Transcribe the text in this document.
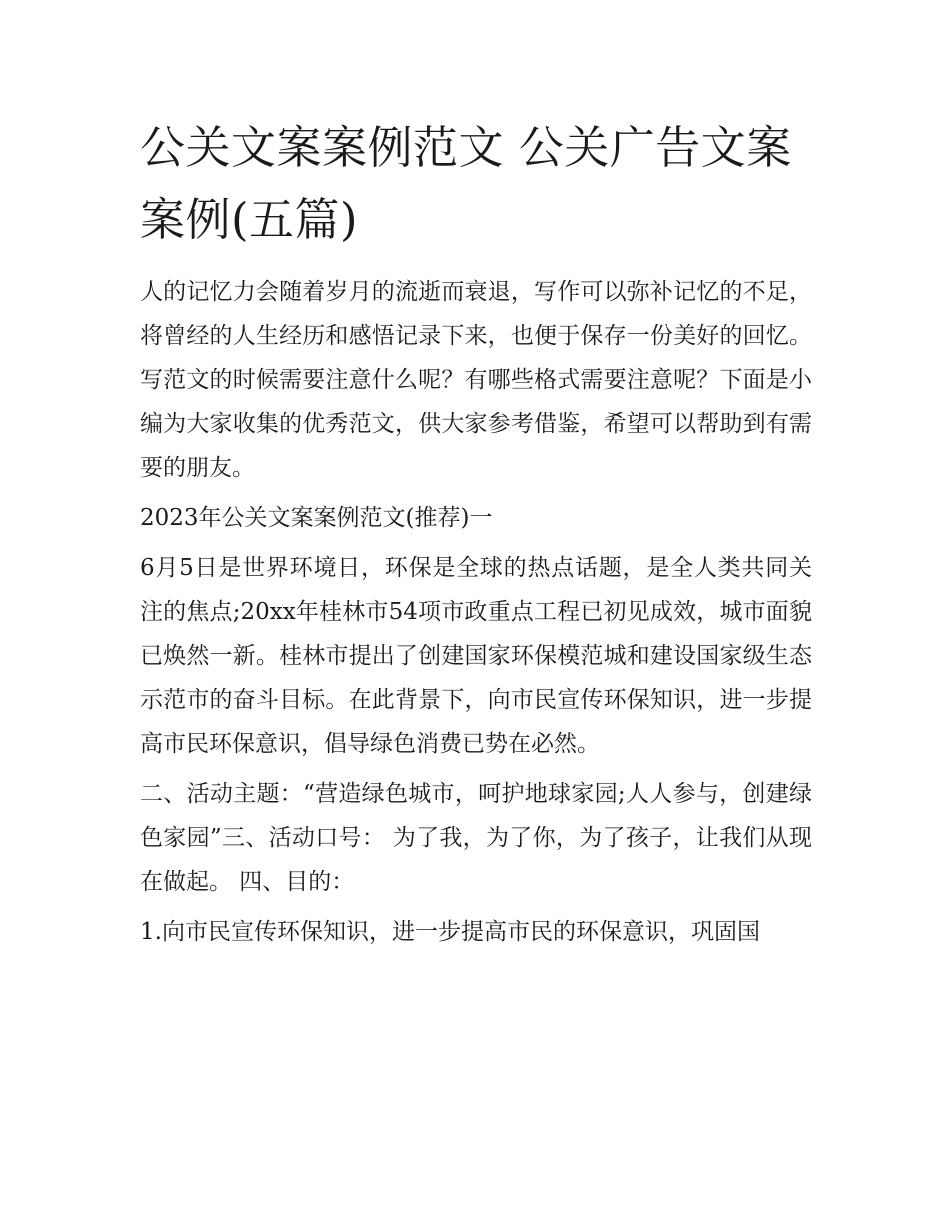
公关文案案例范文 公关广告文案案例(五篇)

人的记忆力会随着岁月的流逝而衰退，写作可以弥补记忆的不足，将曾经的人生经历和感悟记录下来，也便于保存一份美好的回忆。写范文的时候需要注意什么呢？有哪些格式需要注意呢？下面是小编为大家收集的优秀范文，供大家参考借鉴，希望可以帮助到有需要的朋友。

2023年公关文案案例范文(推荐)一

6月5日是世界环境日，环保是全球的热点话题，是全人类共同关注的焦点;20xx年桂林市54项市政重点工程已初见成效，城市面貌已焕然一新。桂林市提出了创建国家环保模范城和建设国家级生态示范市的奋斗目标。在此背景下，向市民宣传环保知识，进一步提高市民环保意识，倡导绿色消费已势在必然。

二、活动主题：“营造绿色城市，呵护地球家园;人人参与，创建绿色家园”三、活动口号： 为了我，为了你，为了孩子，让我们从现在做起。 四、目的：

1.向市民宣传环保知识，进一步提高市民的环保意识，巩固国
